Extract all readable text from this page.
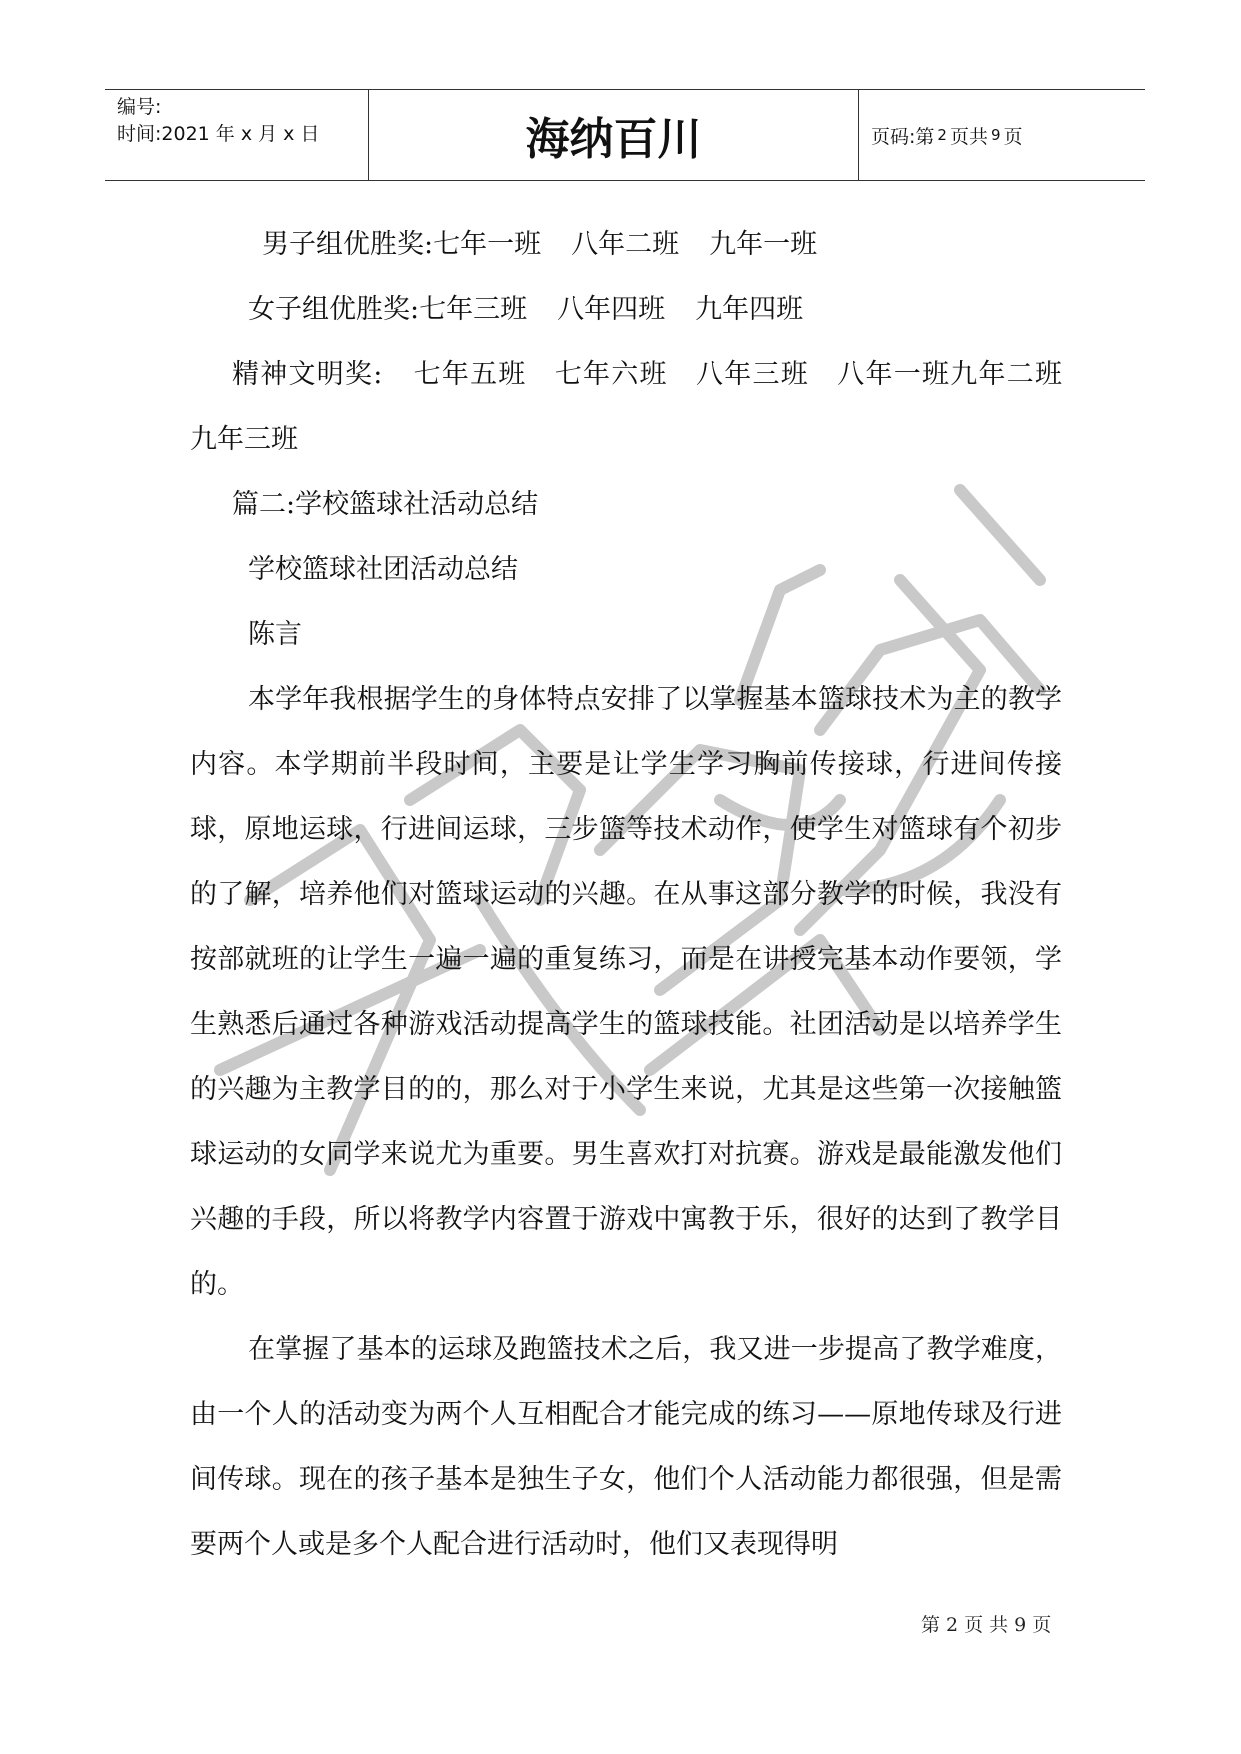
编号:
时间:2021 年 x 月 x 日	海纳百川	页码:第 2 页共 9 页

男子组优胜奖:七年一班 八年二班 九年一班

女子组优胜奖:七年三班 八年四班 九年四班

精神文明奖: 七年五班　七年六班　八年三班　八年一班九年二班　九年三班

篇二:学校篮球社活动总结

学校篮球社团活动总结

陈言

本学年我根据学生的身体特点安排了以掌握基本篮球技术为主的教学内容。本学期前半段时间，主要是让学生学习胸前传接球，行进间传接球，原地运球，行进间运球，三步篮等技术动作，使学生对篮球有个初步的了解，培养他们对篮球运动的兴趣。在从事这部分教学的时候，我没有按部就班的让学生一遍一遍的重复练习，而是在讲授完基本动作要领，学生熟悉后通过各种游戏活动提高学生的篮球技能。社团活动是以培养学生的兴趣为主教学目的的，那么对于小学生来说，尤其是这些第一次接触篮球运动的女同学来说尤为重要。男生喜欢打对抗赛。游戏是最能激发他们兴趣的手段，所以将教学内容置于游戏中寓教于乐，很好的达到了教学目的。

在掌握了基本的运球及跑篮技术之后，我又进一步提高了教学难度，由一个人的活动变为两个人互相配合才能完成的练习——原地传球及行进间传球。现在的孩子基本是独生子女，他们个人活动能力都很强，但是需要两个人或是多个人配合进行活动时，他们又表现得明

第 2 页 共 9 页
